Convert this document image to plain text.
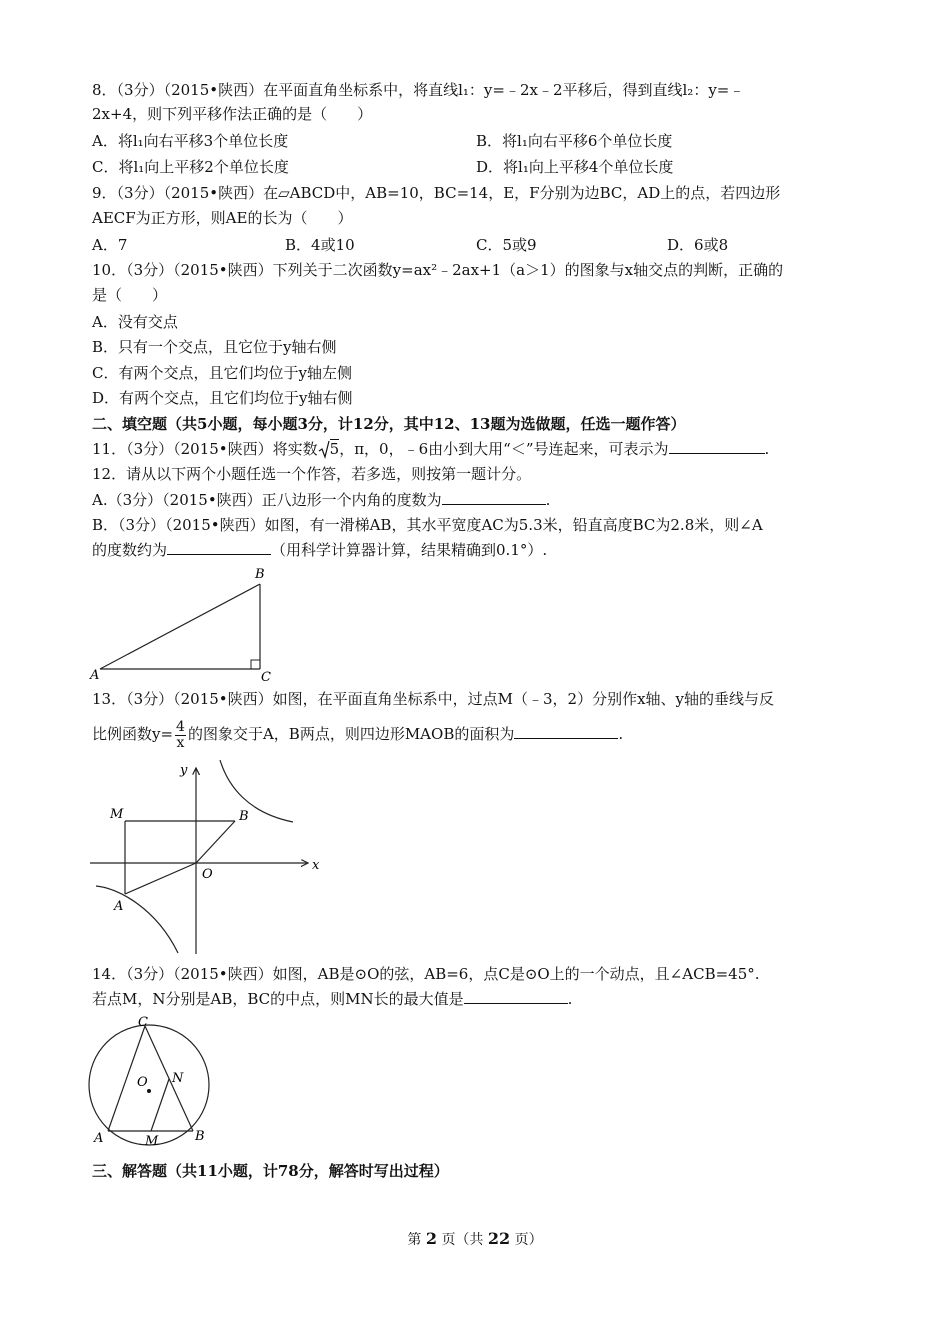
8．（3分）（2015•陕西）在平面直角坐标系中，将直线l₁：y=﹣2x﹣2平移后，得到直线l₂：y=﹣
2x+4，则下列平移作法正确的是（　　）
A．将l₁向右平移3个单位长度	B．将l₁向右平移6个单位长度
C．将l₁向上平移2个单位长度	D．将l₁向上平移4个单位长度
9．（3分）（2015•陕西）在▱ABCD中，AB=10，BC=14，E，F分别为边BC，AD上的点，若四边形
AECF为正方形，则AE的长为（　　）
A．7	B．4或10	C．5或9	D．6或8
10．（3分）（2015•陕西）下列关于二次函数y=ax²﹣2ax+1（a＞1）的图象与x轴交点的判断，正确的
是（　　）
A．没有交点
B．只有一个交点，且它位于y轴右侧
C．有两个交点，且它们均位于y轴左侧
D．有两个交点，且它们均位于y轴右侧
二、填空题（共5小题，每小题3分，计12分，其中12、13题为选做题，任选一题作答）
11．（3分）（2015•陕西）将实数 5，π，0，﹣6由小到大用“＜”号连起来，可表示为	.
12．请从以下两个小题任选一个作答，若多选，则按第一题计分。
A.（3分）（2015•陕西）正八边形一个内角的度数为	.
B．（3分）（2015•陕西）如图，有一滑梯AB，其水平宽度AC为5.3米，铅直高度BC为2.8米，则∠A
的度数约为	（用科学计算器计算，结果精确到0.1°）.
A
B
C
13．（3分）（2015•陕西）如图，在平面直角坐标系中，过点M（﹣3，2）分别作x轴、y轴的垂线与反
比例函数$y= \frac{4}{x}$ 的图象交于A，B两点，则四边形MAOB的面积为	.
x
y
M	B
O
A
14．（3分）（2015•陕西）如图，AB是⊙O的弦，AB=6，点C是⊙O上的一个动点，且∠ACB=45°.
若点M，N分别是AB，BC的中点，则MN长的最大值是	.
C
O N
A	M	B
三、解答题（共11小题，计78分，解答时写出过程）
第 2 页（共 22 页）
